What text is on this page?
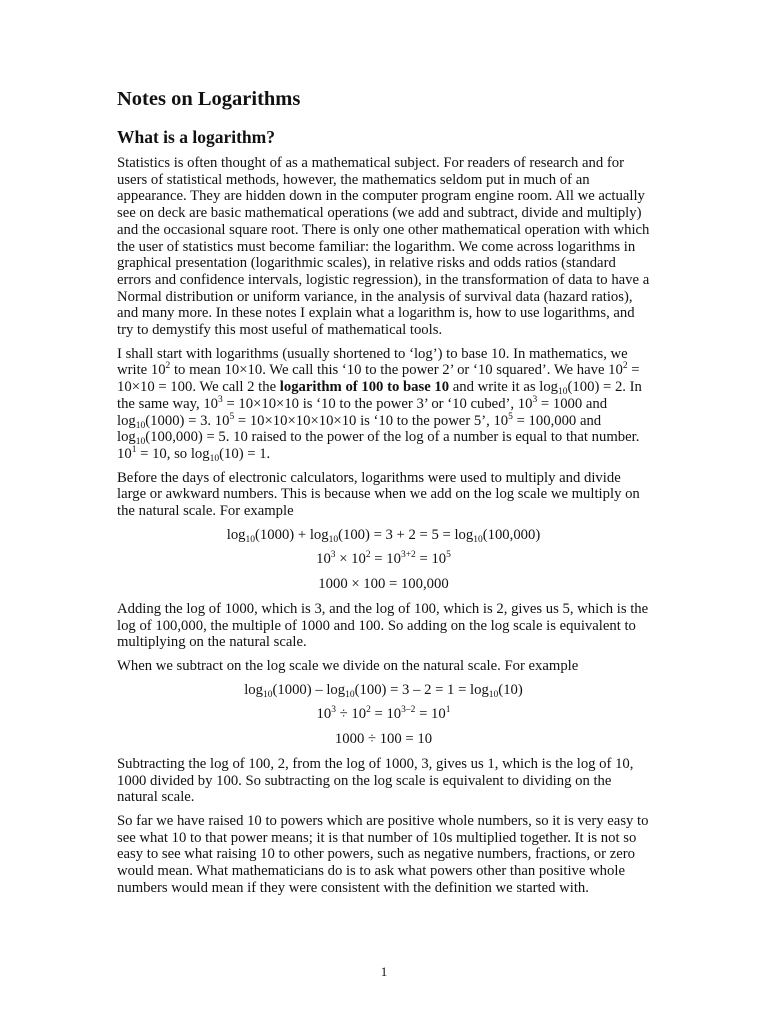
Notes on Logarithms
What is a logarithm?

Statistics is often thought of as a mathematical subject. For readers of research and for users of statistical methods, however, the mathematics seldom put in much of an appearance. They are hidden down in the computer program engine room. All we actually see on deck are basic mathematical operations (we add and subtract, divide and multiply) and the occasional square root. There is only one other mathematical operation with which the user of statistics must become familiar: the logarithm. We come across logarithms in graphical presentation (logarithmic scales), in relative risks and odds ratios (standard errors and confidence intervals, logistic regression), in the transformation of data to have a Normal distribution or uniform variance, in the analysis of survival data (hazard ratios), and many more. In these notes I explain what a logarithm is, how to use logarithms, and try to demystify this most useful of mathematical tools.

I shall start with logarithms (usually shortened to ‘log’) to base 10. In mathematics, we write $10^2$ to mean 10×10. We call this ‘10 to the power 2’ or ‘10 squared’. We have $10^2 = 10\times 10 = 100$. We call 2 the logarithm of 100 to base 10 and write it as $\log_{10}(100) = 2$. In the same way, $10^3 = 10\times 10\times 10$ is ‘10 to the power 3’ or ‘10 cubed’, $10^3 = 1000$ and $\log_{10}(1000) = 3$. $10^5 = 10\times 10\times 10\times 10\times 10$ is ‘10 to the power 5’, $10^5 = 100,000$ and $\log_{10}(100,000) = 5$. 10 raised to the power of the log of a number is equal to that number. $10^1 = 10$, so $\log_{10}(10) = 1$.

Before the days of electronic calculators, logarithms were used to multiply and divide large or awkward numbers. This is because when we add on the log scale we multiply on the natural scale. For example

$\log_{10}(1000) + \log_{10}(100) = 3 + 2 = 5 = \log_{10}(100,000)$
$10^3 \times 10^2 = 10^{3+2} = 10^5$
1000 × 100 = 100,000

Adding the log of 1000, which is 3, and the log of 100, which is 2, gives us 5, which is the log of 100,000, the multiple of 1000 and 100. So adding on the log scale is equivalent to multiplying on the natural scale.

When we subtract on the log scale we divide on the natural scale. For example

$\log_{10}(1000) - \log_{10}(100) = 3 - 2 = 1 = \log_{10}(10)$
$10^3 \div 10^2 = 10^{3-2} = 10^1$
1000 ÷ 100 = 10

Subtracting the log of 100, 2, from the log of 1000, 3, gives us 1, which is the log of 10, 1000 divided by 100. So subtracting on the log scale is equivalent to dividing on the natural scale.

So far we have raised 10 to powers which are positive whole numbers, so it is very easy to see what 10 to that power means; it is that number of 10s multiplied together. It is not so easy to see what raising 10 to other powers, such as negative numbers, fractions, or zero would mean. What mathematicians do is to ask what powers other than positive whole numbers would mean if they were consistent with the definition we started with.

1
